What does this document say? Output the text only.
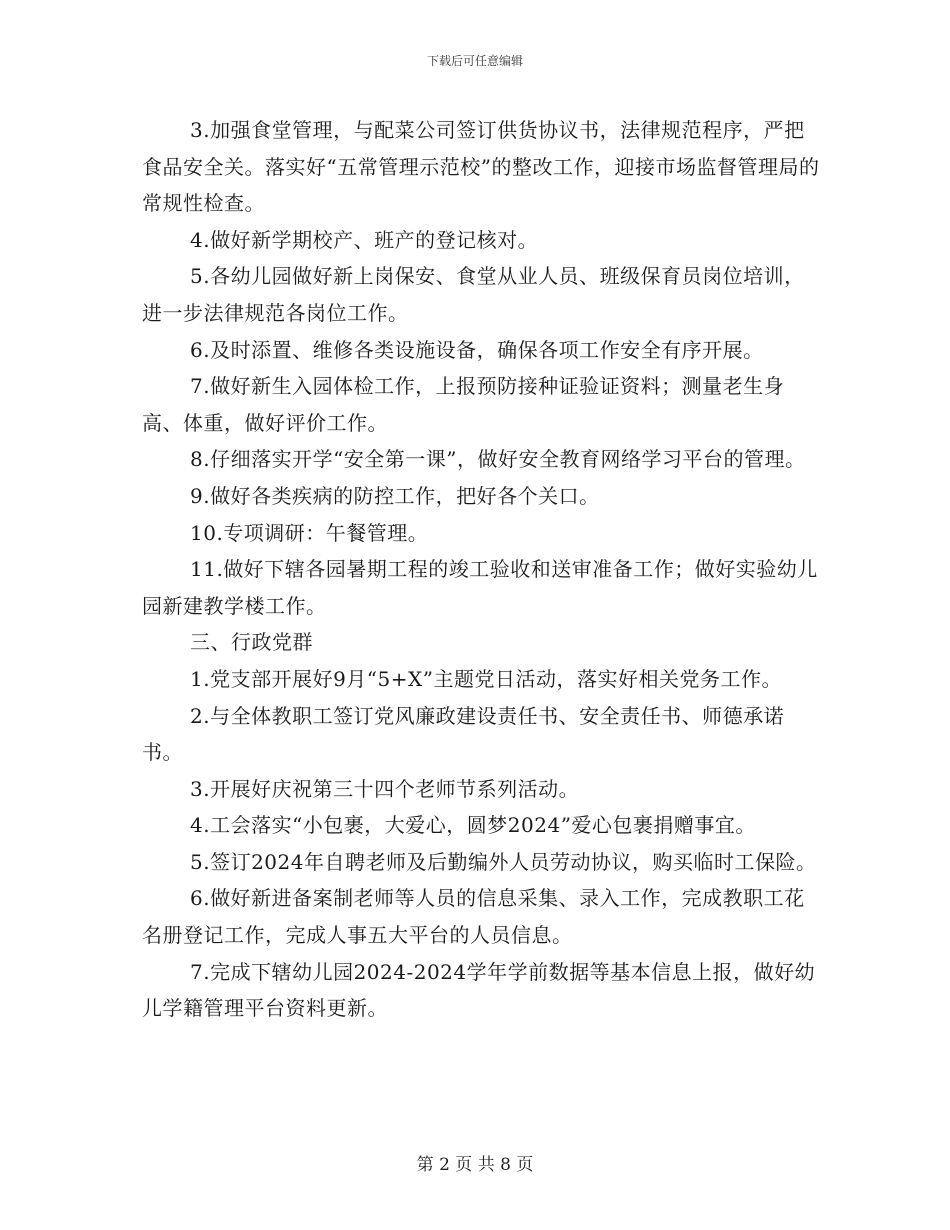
下载后可任意编辑

3.加强食堂管理，与配菜公司签订供货协议书，法律规范程序，严把食品安全关。落实好“五常管理示范校”的整改工作，迎接市场监督管理局的常规性检查。

4.做好新学期校产、班产的登记核对。

5.各幼儿园做好新上岗保安、食堂从业人员、班级保育员岗位培训，进一步法律规范各岗位工作。

6.及时添置、维修各类设施设备，确保各项工作安全有序开展。

7.做好新生入园体检工作，上报预防接种证验证资料；测量老生身高、体重，做好评价工作。

8.仔细落实开学“安全第一课”，做好安全教育网络学习平台的管理。

9.做好各类疾病的防控工作，把好各个关口。

10.专项调研：午餐管理。

11.做好下辖各园暑期工程的竣工验收和送审准备工作；做好实验幼儿园新建教学楼工作。

三、行政党群

1.党支部开展好9月“5+X”主题党日活动，落实好相关党务工作。

2.与全体教职工签订党风廉政建设责任书、安全责任书、师德承诺书。

3.开展好庆祝第三十四个老师节系列活动。

4.工会落实“小包裹，大爱心，圆梦2024”爱心包裹捐赠事宜。

5.签订2024年自聘老师及后勤编外人员劳动协议，购买临时工保险。

6.做好新进备案制老师等人员的信息采集、录入工作，完成教职工花名册登记工作，完成人事五大平台的人员信息。

7.完成下辖幼儿园2024-2024学年学前数据等基本信息上报，做好幼儿学籍管理平台资料更新。

第 2 页 共 8 页
